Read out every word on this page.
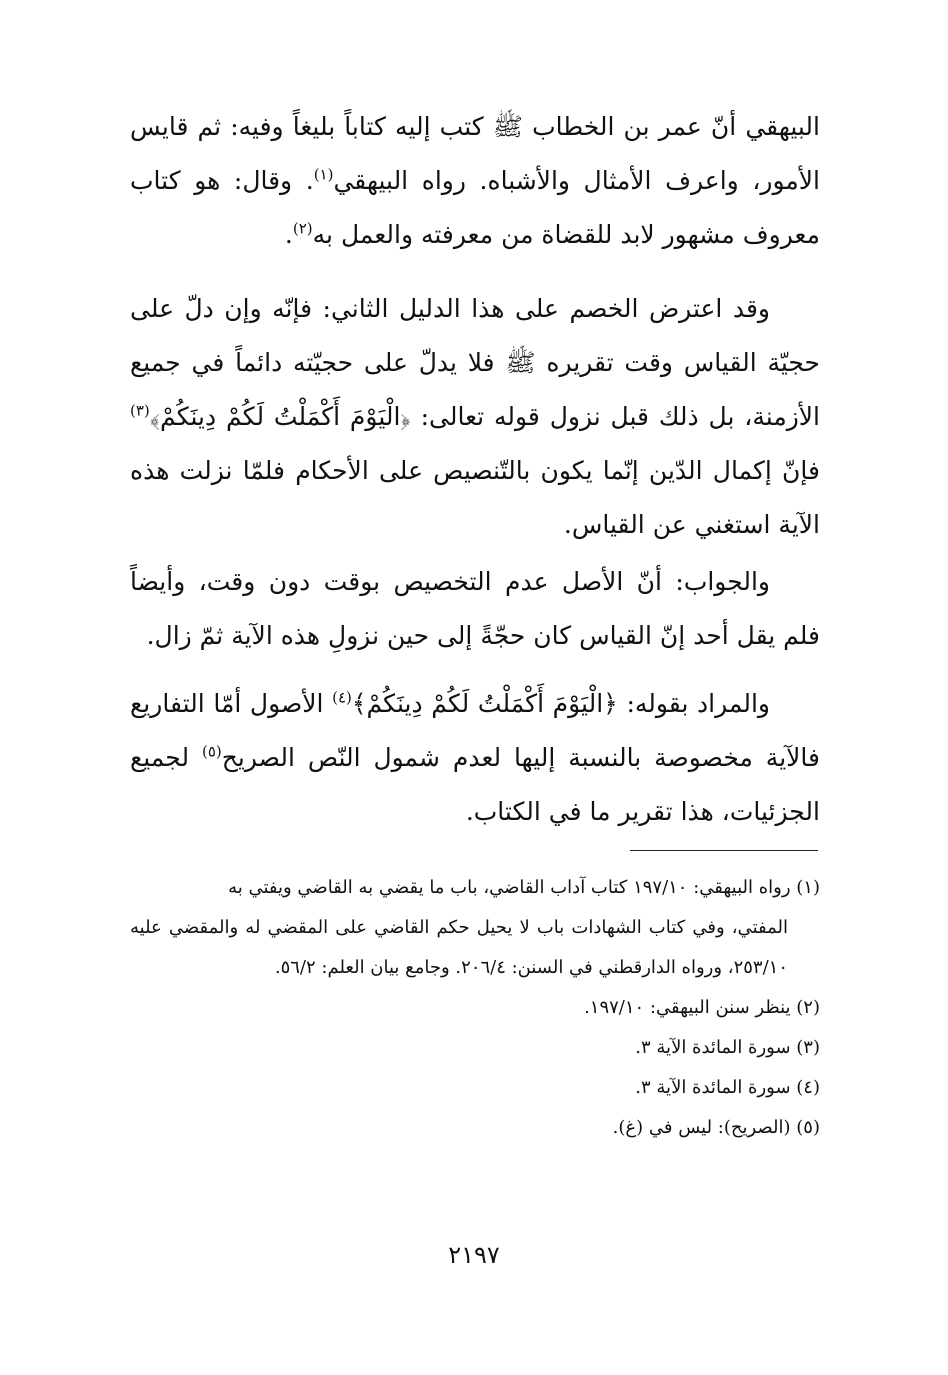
البيهقي أنّ عمر بن الخطاب ﷺ كتب إليه كتاباً بليغاً وفيه: ثم قايس الأمور، واعرف الأمثال والأشباه. رواه البيهقي$^{(١)}$. وقال: هو كتاب معروف مشهور لابد للقضاة من معرفته والعمل به$^{(٢)}$.

وقد اعترض الخصم على هذا الدليل الثاني: فإنّه وإن دلّ على حجيّة القياس وقت تقريره ﷺ فلا يدلّ على حجيّته دائماً في جميع الأزمنة، بل ذلك قبل نزول قوله تعالى: ﴿الْيَوْمَ أَكْمَلْتُ لَكُمْ دِينَكُمْ﴾$^{(٣)}$ فإنّ إكمال الدّين إنّما يكون بالتّنصيص على الأحكام فلمّا نزلت هذه الآية استغني عن القياس.

والجواب: أنّ الأصل عدم التخصيص بوقت دون وقت، وأيضاً فلم يقل أحد إنّ القياس كان حجّةً إلى حين نزولِ هذه الآية ثمّ زال.

والمراد بقوله: ﴿الْيَوْمَ أَكْمَلْتُ لَكُمْ دِينَكُمْ﴾$^{(٤)}$ الأصول أمّا التفاريع فالآية مخصوصة بالنسبة إليها لعدم شمول النّص الصريح$^{(٥)}$ لجميع الجزئيات، هذا تقرير ما في الكتاب.

(١) رواه البيهقي: ١٩٧/١٠ كتاب آداب القاضي، باب ما يقضي به القاضي ويفتي به

المفتي، وفي كتاب الشهادات باب لا يحيل حكم القاضي على المقضي له والمقضي عليه ٢٥٣/١٠، ورواه الدارقطني في السنن: ٢٠٦/٤. وجامع بيان العلم: ٥٦/٢.

(٢) ينظر سنن البيهقي: ١٩٧/١٠.

(٣) سورة المائدة الآية ٣.

(٤) سورة المائدة الآية ٣.

(٥) (الصريح): ليس في (غ).

٢١٩٧
